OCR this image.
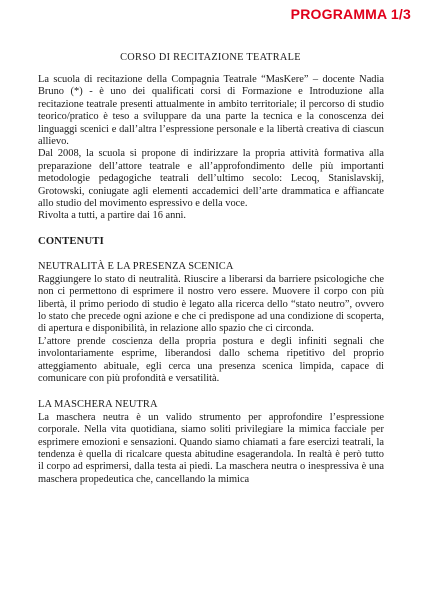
PROGRAMMA 1/3
CORSO DI RECITAZIONE TEATRALE

La scuola di recitazione della Compagnia Teatrale “MasKere” – docente Nadia Bruno (*) - è uno dei qualificati corsi di Formazione e Introduzione alla recitazione teatrale presenti attualmente in ambito territoriale; il percorso di studio teorico/pratico è teso a sviluppare da una parte la tecnica e la conoscenza dei linguaggi scenici e dall’altra l’espressione personale e la libertà creativa di ciascun allievo.

Dal 2008, la scuola si propone di indirizzare la propria attività formativa alla preparazione dell’attore teatrale e all’approfondimento delle più importanti metodologie pedagogiche teatrali dell’ultimo secolo: Lecoq, Stanislavskij, Grotowski, coniugate agli elementi accademici dell’arte drammatica e affiancate allo studio del movimento espressivo e della voce.

Rivolta a tutti, a partire dai 16 anni.

CONTENUTI
NEUTRALITÀ E LA PRESENZA SCENICA

Raggiungere lo stato di neutralità. Riuscire a liberarsi da barriere psicologiche che non ci permettono di esprimere il nostro vero essere. Muovere il corpo con più libertà, il primo periodo di studio è legato alla ricerca dello “stato neutro”, ovvero lo stato che precede ogni azione e che ci predispone ad una condizione di scoperta, di apertura e disponibilità, in relazione allo spazio che ci circonda.

L’attore prende coscienza della propria postura e degli infiniti segnali che involontariamente esprime, liberandosi dallo schema ripetitivo del proprio atteggiamento abituale, egli cerca una presenza scenica limpida, capace di comunicare con più profondità e versatilità.

LA MASCHERA NEUTRA

La maschera neutra è un valido strumento per approfondire l’espressione corporale. Nella vita quotidiana, siamo soliti privilegiare la mimica facciale per esprimere emozioni e sensazioni. Quando siamo chiamati a fare esercizi teatrali, la tendenza è quella di ricalcare questa abitudine esagerandola. In realtà è però tutto il corpo ad esprimersi, dalla testa ai piedi. La maschera neutra o inespressiva è una maschera propedeutica che, cancellando la mimica
